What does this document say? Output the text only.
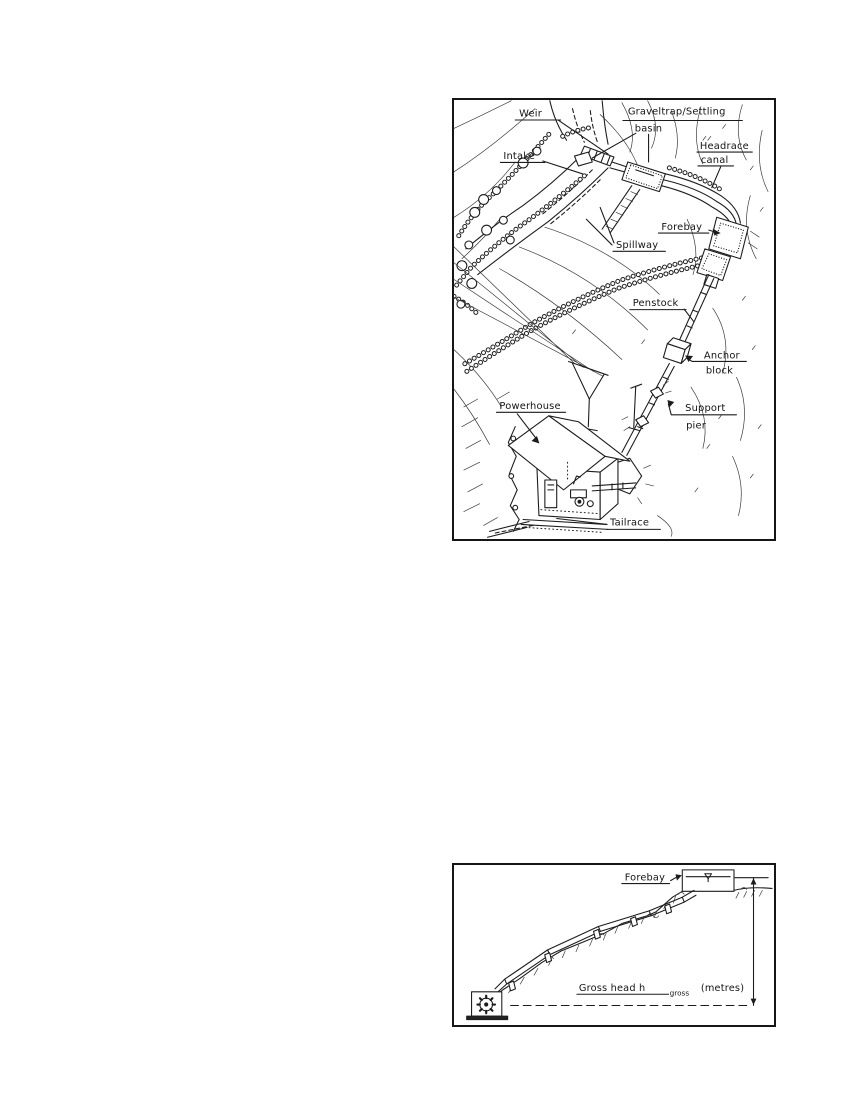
Weir	Graveltrap/Settling
basin
Headrace
canal
Intake
Forebay
Spillway
Penstock
Anchor
block
Support
pier
Powerhouse
Tailrace
Forebay
Gross head h	gross (metres)
